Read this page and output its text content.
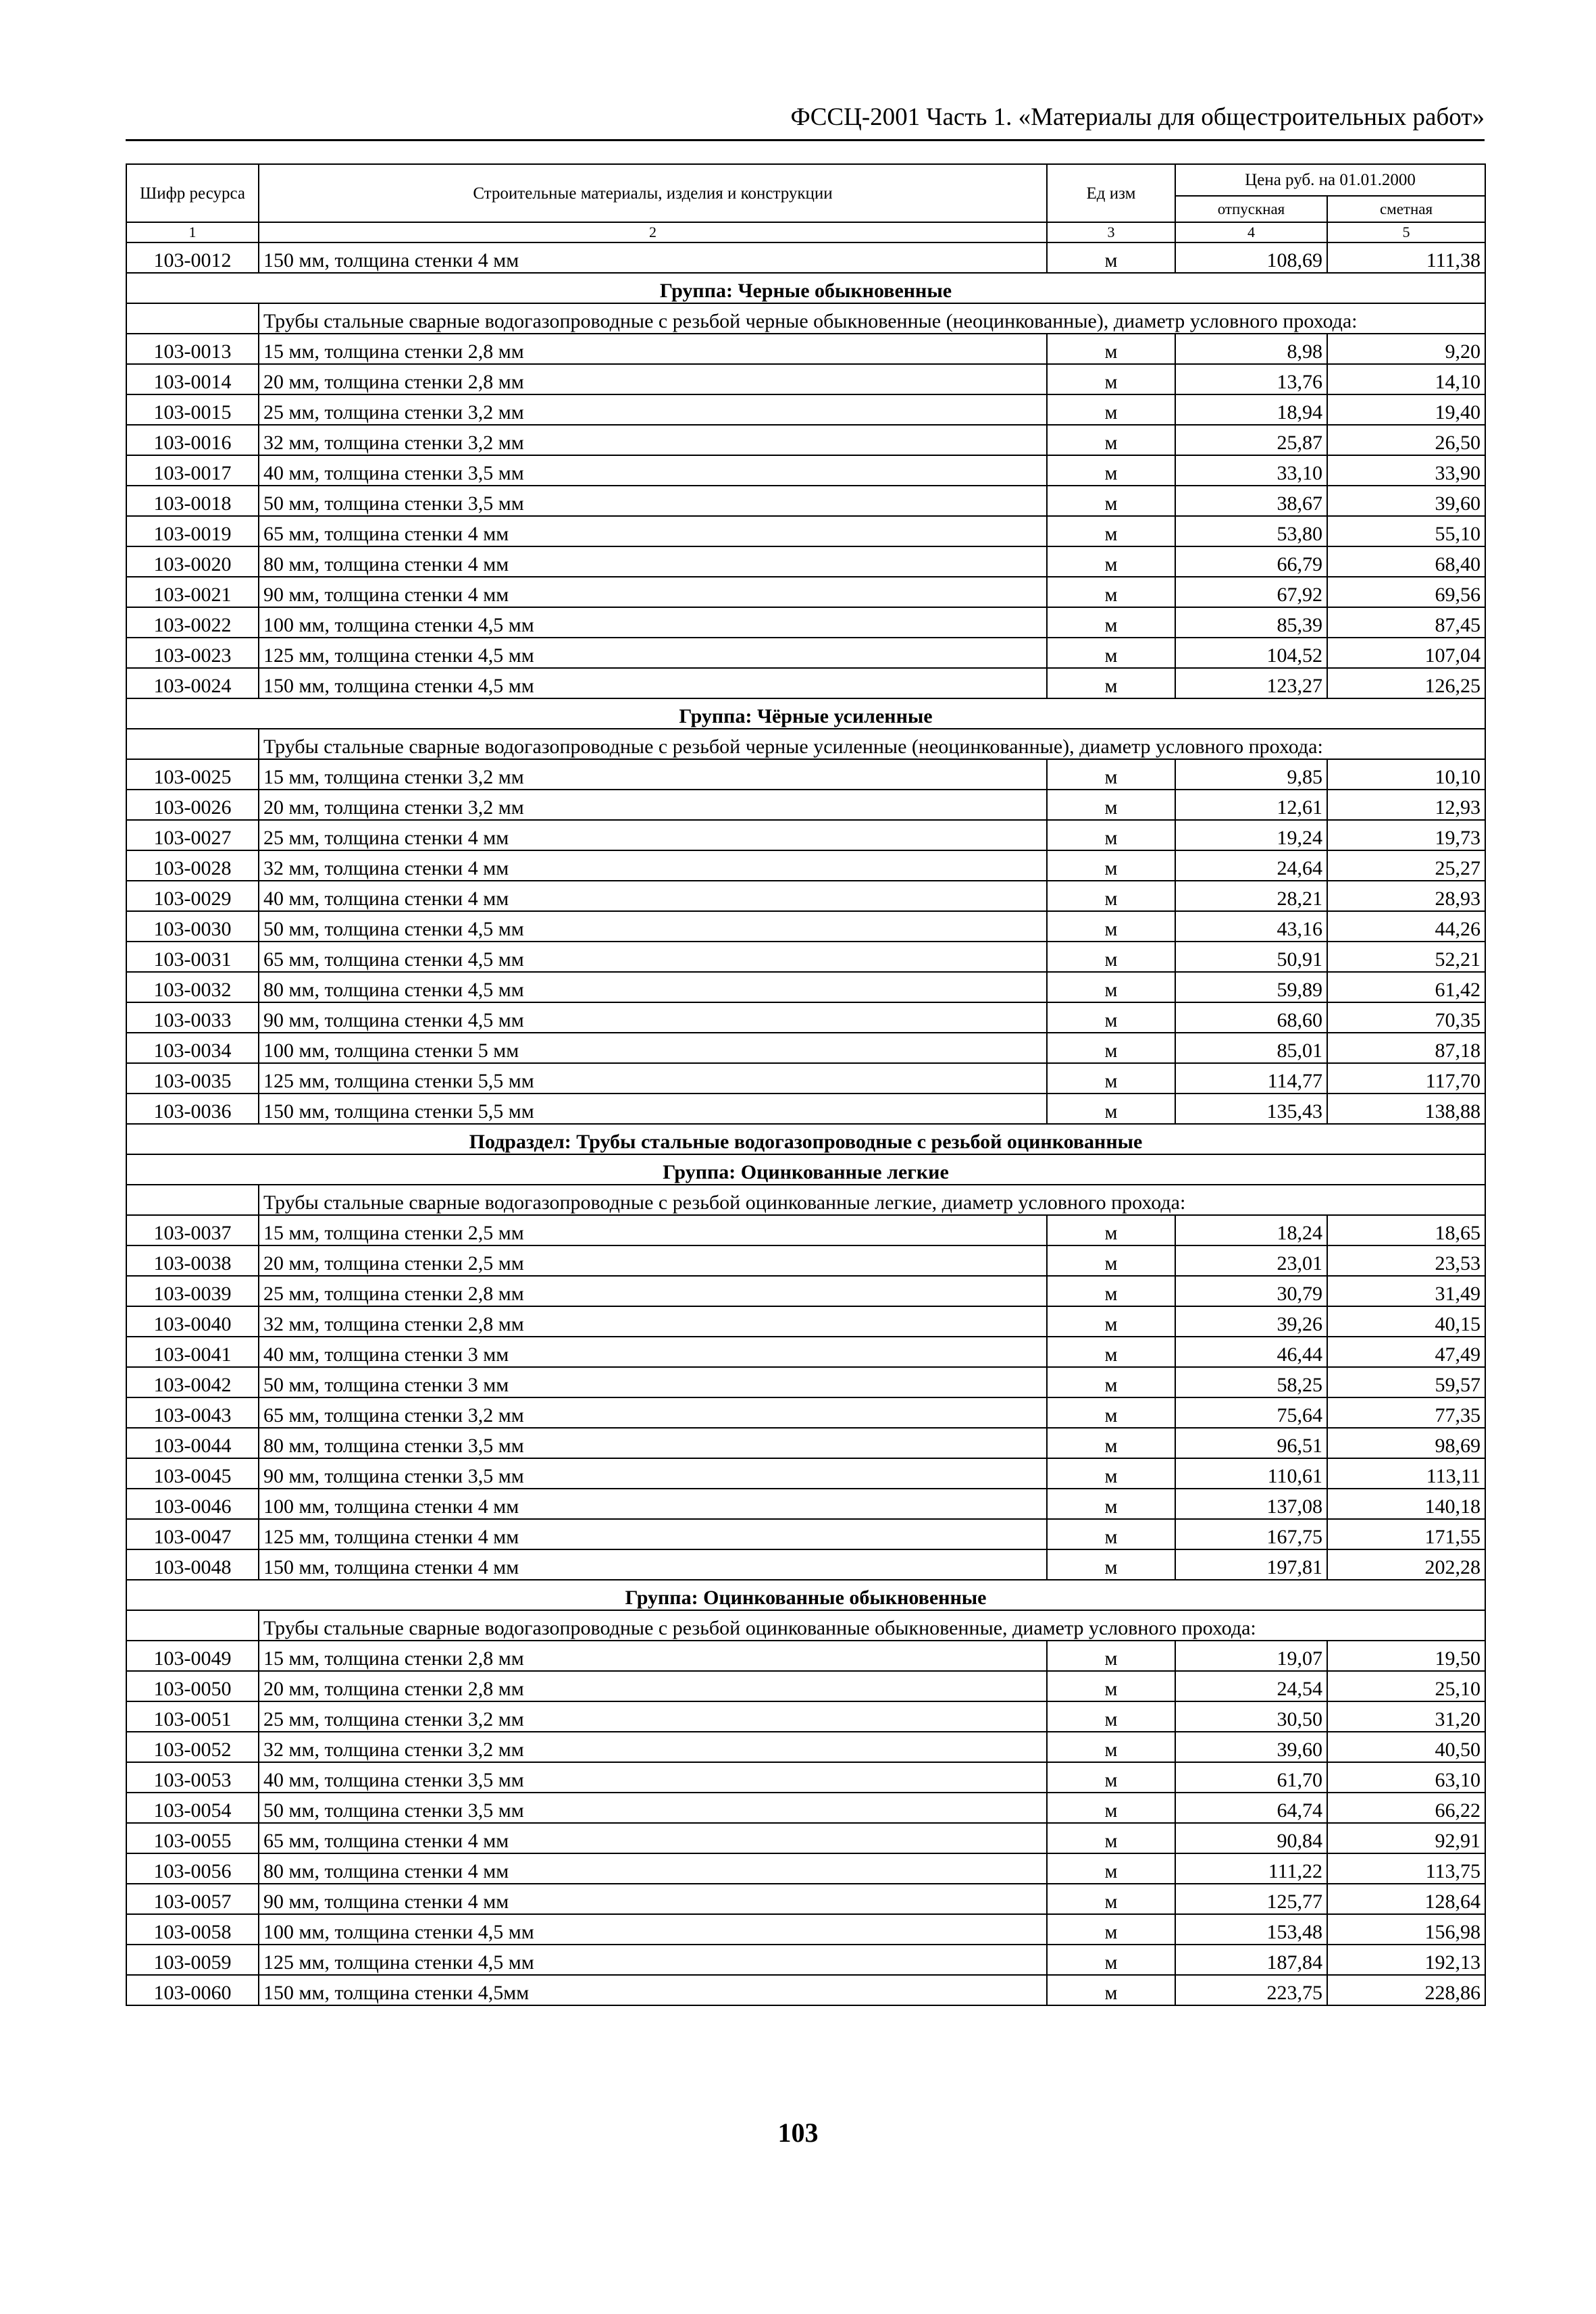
ФССЦ-2001 Часть 1. «Материалы для общестроительных работ»
Шифр ресурса	Строительные материалы, изделия и конструкции	Ед изм	Цена руб. на 01.01.2000	
			отпускная	сметная
1	2	3	4	5
103-0012	150 мм, толщина стенки 4 мм	м	108,69	111,38
Группа: Черные обыкновенные				
	Трубы стальные сварные водогазопроводные с резьбой черные обыкновенные (неоцинкованные), диаметр условного прохода:			
103-0013	15 мм, толщина стенки 2,8 мм	м	8,98	9,20
103-0014	20 мм, толщина стенки 2,8 мм	м	13,76	14,10
103-0015	25 мм, толщина стенки 3,2 мм	м	18,94	19,40
103-0016	32 мм, толщина стенки 3,2 мм	м	25,87	26,50
103-0017	40 мм, толщина стенки 3,5 мм	м	33,10	33,90
103-0018	50 мм, толщина стенки 3,5 мм	м	38,67	39,60
103-0019	65 мм, толщина стенки 4 мм	м	53,80	55,10
103-0020	80 мм, толщина стенки 4 мм	м	66,79	68,40
103-0021	90 мм, толщина стенки 4 мм	м	67,92	69,56
103-0022	100 мм, толщина стенки 4,5 мм	м	85,39	87,45
103-0023	125 мм, толщина стенки 4,5 мм	м	104,52	107,04
103-0024	150 мм, толщина стенки 4,5 мм	м	123,27	126,25
Группа: Чёрные усиленные				
	Трубы стальные сварные водогазопроводные с резьбой черные усиленные (неоцинкованные), диаметр условного прохода:			
103-0025	15 мм, толщина стенки 3,2 мм	м	9,85	10,10
103-0026	20 мм, толщина стенки 3,2 мм	м	12,61	12,93
103-0027	25 мм, толщина стенки 4 мм	м	19,24	19,73
103-0028	32 мм, толщина стенки 4 мм	м	24,64	25,27
103-0029	40 мм, толщина стенки 4 мм	м	28,21	28,93
103-0030	50 мм, толщина стенки 4,5 мм	м	43,16	44,26
103-0031	65 мм, толщина стенки 4,5 мм	м	50,91	52,21
103-0032	80 мм, толщина стенки 4,5 мм	м	59,89	61,42
103-0033	90 мм, толщина стенки 4,5 мм	м	68,60	70,35
103-0034	100 мм, толщина стенки 5 мм	м	85,01	87,18
103-0035	125 мм, толщина стенки 5,5 мм	м	114,77	117,70
103-0036	150 мм, толщина стенки 5,5 мм	м	135,43	138,88
Подраздел: Трубы стальные водогазопроводные с резьбой оцинкованные				
Группа: Оцинкованные легкие				
	Трубы стальные сварные водогазопроводные с резьбой оцинкованные легкие, диаметр условного прохода:			
103-0037	15 мм, толщина стенки 2,5 мм	м	18,24	18,65
103-0038	20 мм, толщина стенки 2,5 мм	м	23,01	23,53
103-0039	25 мм, толщина стенки 2,8 мм	м	30,79	31,49
103-0040	32 мм, толщина стенки 2,8 мм	м	39,26	40,15
103-0041	40 мм, толщина стенки 3 мм	м	46,44	47,49
103-0042	50 мм, толщина стенки 3 мм	м	58,25	59,57
103-0043	65 мм, толщина стенки 3,2 мм	м	75,64	77,35
103-0044	80 мм, толщина стенки 3,5 мм	м	96,51	98,69
103-0045	90 мм, толщина стенки 3,5 мм	м	110,61	113,11
103-0046	100 мм, толщина стенки 4 мм	м	137,08	140,18
103-0047	125 мм, толщина стенки 4 мм	м	167,75	171,55
103-0048	150 мм, толщина стенки 4 мм	м	197,81	202,28
Группа: Оцинкованные обыкновенные				
	Трубы стальные сварные водогазопроводные с резьбой оцинкованные обыкновенные, диаметр условного прохода:			
103-0049	15 мм, толщина стенки 2,8 мм	м	19,07	19,50
103-0050	20 мм, толщина стенки 2,8 мм	м	24,54	25,10
103-0051	25 мм, толщина стенки 3,2 мм	м	30,50	31,20
103-0052	32 мм, толщина стенки 3,2 мм	м	39,60	40,50
103-0053	40 мм, толщина стенки 3,5 мм	м	61,70	63,10
103-0054	50 мм, толщина стенки 3,5 мм	м	64,74	66,22
103-0055	65 мм, толщина стенки 4 мм	м	90,84	92,91
103-0056	80 мм, толщина стенки 4 мм	м	111,22	113,75
103-0057	90 мм, толщина стенки 4 мм	м	125,77	128,64
103-0058	100 мм, толщина стенки 4,5 мм	м	153,48	156,98
103-0059	125 мм, толщина стенки 4,5 мм	м	187,84	192,13
103-0060	150 мм, толщина стенки 4,5мм	м	223,75	228,86
103
